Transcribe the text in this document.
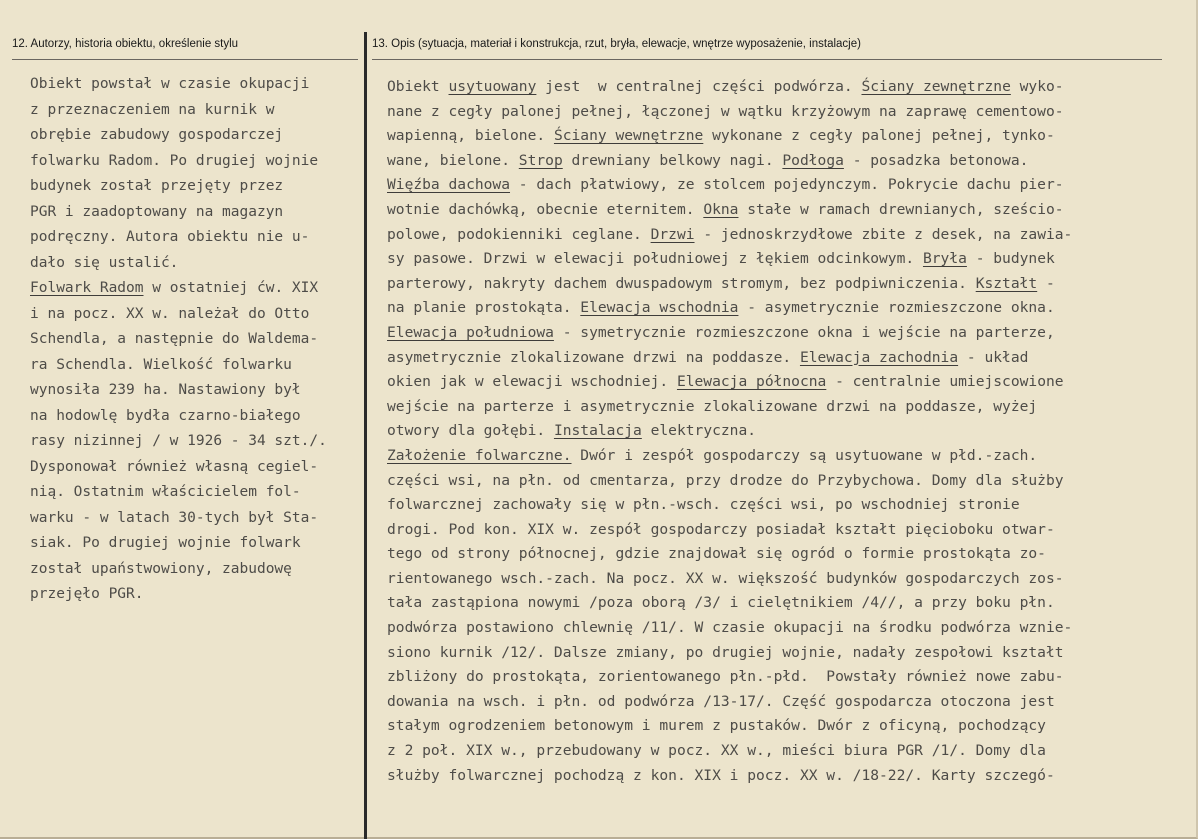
12. Autorzy, historia obiektu, określenie stylu	13. Opis (sytuacja, materiał i konstrukcja, rzut, bryła, elewacje, wnętrze wyposażenie, instalacje)
Obiekt powstał w czasie okupacji
z przeznaczeniem na kurnik w
obrębie zabudowy gospodarczej
folwarku Radom. Po drugiej wojnie
budynek został przejęty przez
PGR i zaadoptowany na magazyn
podręczny. Autora obiektu nie u-
dało się ustalić.
Folwark Radom w ostatniej ćw. XIX
i na pocz. XX w. należał do Otto
Schendla, a następnie do Waldema-
ra Schendla. Wielkość folwarku
wynosiła 239 ha. Nastawiony był
na hodowlę bydła czarno-białego
rasy nizinnej / w 1926 - 34 szt./.
Dysponował również własną cegiel-
nią. Ostatnim właścicielem fol-
warku - w latach 30-tych był Sta-
siak. Po drugiej wojnie folwark
został upaństwowiony, zabudowę
przejęło PGR.
Obiekt usytuowany jest  w centralnej części podwórza. Ściany zewnętrzne wyko-
nane z cegły palonej pełnej, łączonej w wątku krzyżowym na zaprawę cementowo-
wapienną, bielone. Ściany wewnętrzne wykonane z cegły palonej pełnej, tynko-
wane, bielone. Strop drewniany belkowy nagi. Podłoga - posadzka betonowa.
Więźba dachowa - dach płatwiowy, ze stolcem pojedynczym. Pokrycie dachu pier-
wotnie dachówką, obecnie eternitem. Okna stałe w ramach drewnianych, sześcio-
polowe, podokienniki ceglane. Drzwi - jednoskrzydłowe zbite z desek, na zawia-
sy pasowe. Drzwi w elewacji południowej z łękiem odcinkowym. Bryła - budynek
parterowy, nakryty dachem dwuspadowym stromym, bez podpiwniczenia. Kształt -
na planie prostokąta. Elewacja wschodnia - asymetrycznie rozmieszczone okna.
Elewacja południowa - symetrycznie rozmieszczone okna i wejście na parterze,
asymetrycznie zlokalizowane drzwi na poddasze. Elewacja zachodnia - układ
okien jak w elewacji wschodniej. Elewacja północna - centralnie umiejscowione
wejście na parterze i asymetrycznie zlokalizowane drzwi na poddasze, wyżej
otwory dla gołębi. Instalacja elektryczna.
Założenie folwarczne. Dwór i zespół gospodarczy są usytuowane w płd.-zach.
części wsi, na płn. od cmentarza, przy drodze do Przybychowa. Domy dla służby
folwarcznej zachowały się w płn.-wsch. części wsi, po wschodniej stronie
drogi. Pod kon. XIX w. zespół gospodarczy posiadał kształt pięcioboku otwar-
tego od strony północnej, gdzie znajdował się ogród o formie prostokąta zo-
rientowanego wsch.-zach. Na pocz. XX w. większość budynków gospodarczych zos-
tała zastąpiona nowymi /poza oborą /3/ i cielętnikiem /4//, a przy boku płn.
podwórza postawiono chlewnię /11/. W czasie okupacji na środku podwórza wznie-
siono kurnik /12/. Dalsze zmiany, po drugiej wojnie, nadały zespołowi kształt
zbliżony do prostokąta, zorientowanego płn.-płd.  Powstały również nowe zabu-
dowania na wsch. i płn. od podwórza /13-17/. Część gospodarcza otoczona jest
stałym ogrodzeniem betonowym i murem z pustaków. Dwór z oficyną, pochodzący
z 2 poł. XIX w., przebudowany w pocz. XX w., mieści biura PGR /1/. Domy dla
służby folwarcznej pochodzą z kon. XIX i pocz. XX w. /18-22/. Karty szczegó-
